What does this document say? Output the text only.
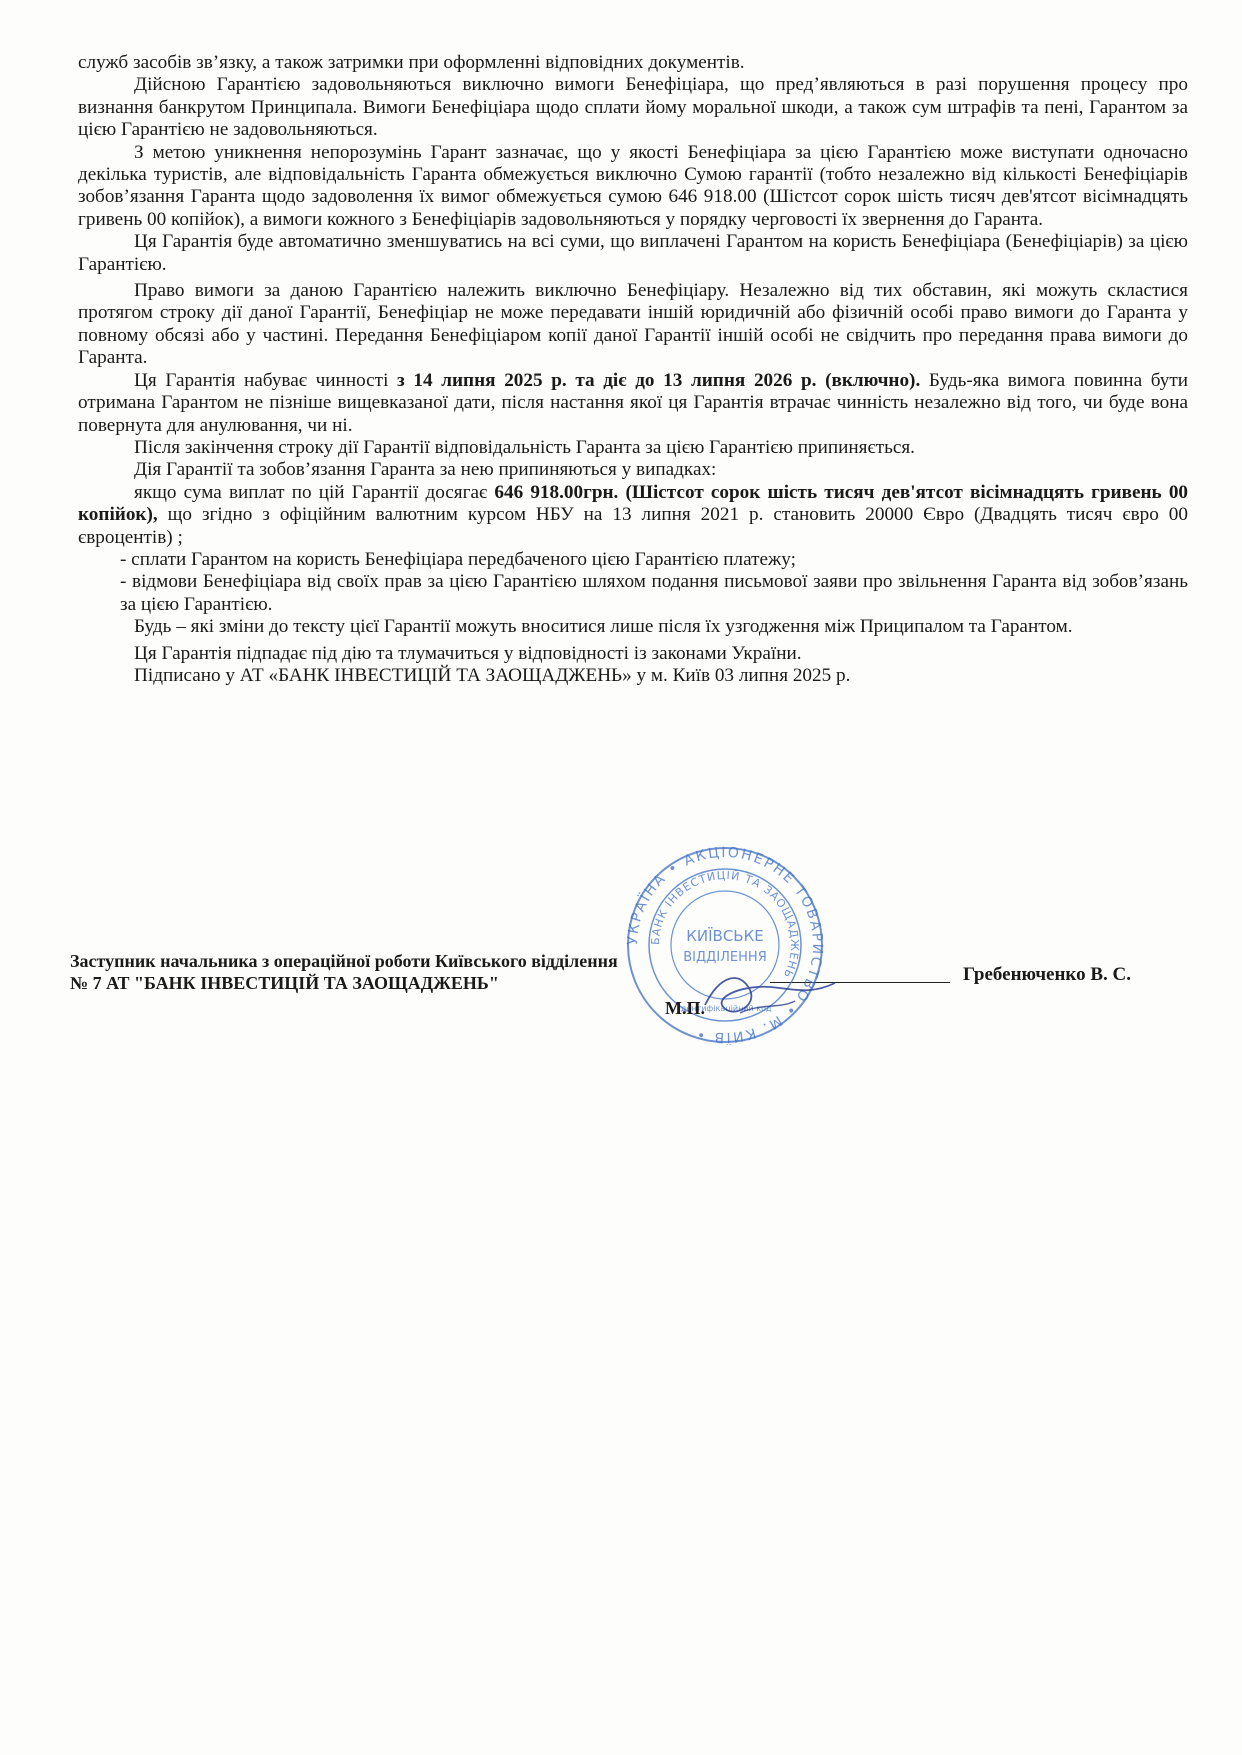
служб засобів зв’язку, а також затримки при оформленні відповідних документів.

Дійсною Гарантією задовольняються виключно вимоги Бенефіціара, що пред’являються в разі порушення процесу про визнання банкрутом Принципала. Вимоги Бенефіціара щодо сплати йому моральної шкоди, а також сум штрафів та пені, Гарантом за цією Гарантією не задовольняються.

З метою уникнення непорозумінь Гарант зазначає, що у якості Бенефіціара за цією Гарантією може виступати одночасно декілька туристів, але відповідальність Гаранта обмежується виключно Сумою гарантії (тобто незалежно від кількості Бенефіціарів зобов’язання Гаранта щодо задоволення їх вимог обмежується сумою 646 918.00 (Шістсот сорок шість тисяч дев'ятсот вісімнадцять гривень 00 копійок), а вимоги кожного з Бенефіціарів задовольняються у порядку черговості їх звернення до Гаранта.

Ця Гарантія буде автоматично зменшуватись на всі суми, що виплачені Гарантом на користь Бенефіціара (Бенефіціарів) за цією Гарантією.

Право вимоги за даною Гарантією належить виключно Бенефіціару. Незалежно від тих обставин, які можуть скластися протягом строку дії даної Гарантії, Бенефіціар не може передавати іншій юридичній або фізичній особі право вимоги до Гаранта у повному обсязі або у частині. Передання Бенефіціаром копії даної Гарантії іншій особі не свідчить про передання права вимоги до Гаранта.

Ця Гарантія набуває чинності з 14 липня 2025 р. та діє до 13 липня 2026 р. (включно). Будь-яка вимога повинна бути отримана Гарантом не пізніше вищевказаної дати, після настання якої ця Гарантія втрачає чинність незалежно від того, чи буде вона повернута для анулювання, чи ні.

Після закінчення строку дії Гарантії відповідальність Гаранта за цією Гарантією припиняється.

Дія Гарантії та зобов’язання Гаранта за нею припиняються у випадках:

якщо сума виплат по цій Гарантії досягає 646 918.00грн. (Шістсот сорок шість тисяч дев'ятсот вісімнадцять гривень 00 копійок), що згідно з офіційним валютним курсом НБУ на 13 липня 2021 р. становить 20000 Євро (Двадцять тисяч євро 00 євроцентів) ;

- сплати Гарантом на користь Бенефіціара передбаченого цією Гарантією платежу;

- відмови Бенефіціара від своїх прав за цією Гарантією шляхом подання письмової заяви про звільнення Гаранта від зобов’язань за цією Гарантією.

Будь – які зміни до тексту цієї Гарантії можуть вноситися лише після їх узгодження між Приципалом та Гарантом.

Ця Гарантія підпадає під дію та тлумачиться у відповідності із законами України.

Підписано у АТ «БАНК ІНВЕСТИЦІЙ ТА ЗАОЩАДЖЕНЬ» у м. Київ 03 липня 2025 р.

Заступник начальника з операційної роботи Київського відділення № 7 АТ "БАНК ІНВЕСТИЦІЙ ТА ЗАОЩАДЖЕНЬ"	Гребенюченко В. С.
УКРАЇНА • АКЦІОНЕРНЕ ТОВАРИСТВО • М. КИЇВ •
БАНК ІНВЕСТИЦІЙ ТА ЗАОЩАДЖЕНЬ
КИЇВСЬКЕ
ВІДДІЛЕННЯ
Ідентифікаційний код
М.П.
